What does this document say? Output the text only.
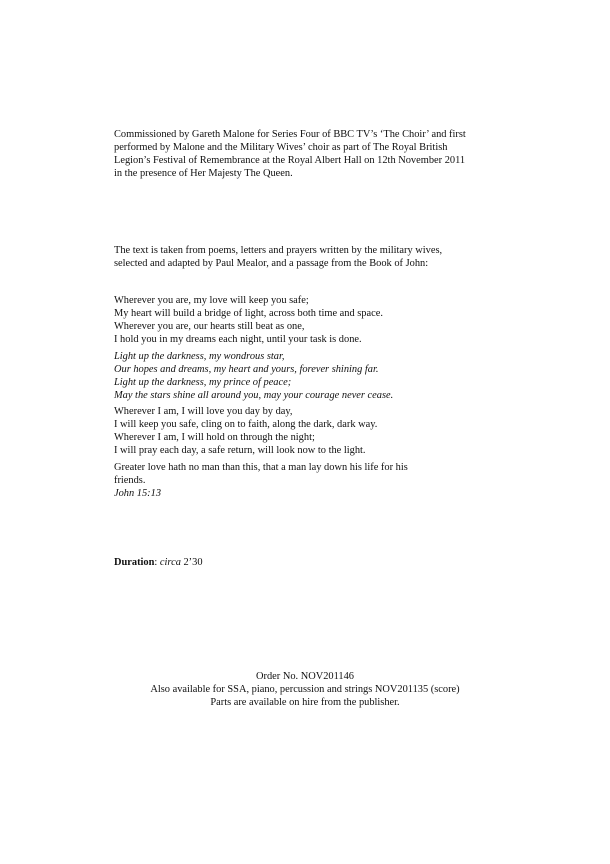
Commissioned by Gareth Malone for Series Four of BBC TV’s ‘The Choir’ and first
performed by Malone and the Military Wives’ choir as part of The Royal British
Legion’s Festival of Remembrance at the Royal Albert Hall on 12th November 2011
in the presence of Her Majesty The Queen.
The text is taken from poems, letters and prayers written by the military wives,
selected and adapted by Paul Mealor, and a passage from the Book of John:
Wherever you are, my love will keep you safe;
My heart will build a bridge of light, across both time and space.
Wherever you are, our hearts still beat as one,
I hold you in my dreams each night, until your task is done.
Light up the darkness, my wondrous star,
Our hopes and dreams, my heart and yours, forever shining far.
Light up the darkness, my prince of peace;
May the stars shine all around you, may your courage never cease.
Wherever I am, I will love you day by day,
I will keep you safe, cling on to faith, along the dark, dark way.
Wherever I am, I will hold on through the night;
I will pray each day, a safe return, will look now to the light.
Greater love hath no man than this, that a man lay down his life for his
friends.
John 15:13
Duration: circa 2’30
Order No. NOV201146
Also available for SSA, piano, percussion and strings NOV201135 (score)
Parts are available on hire from the publisher.
